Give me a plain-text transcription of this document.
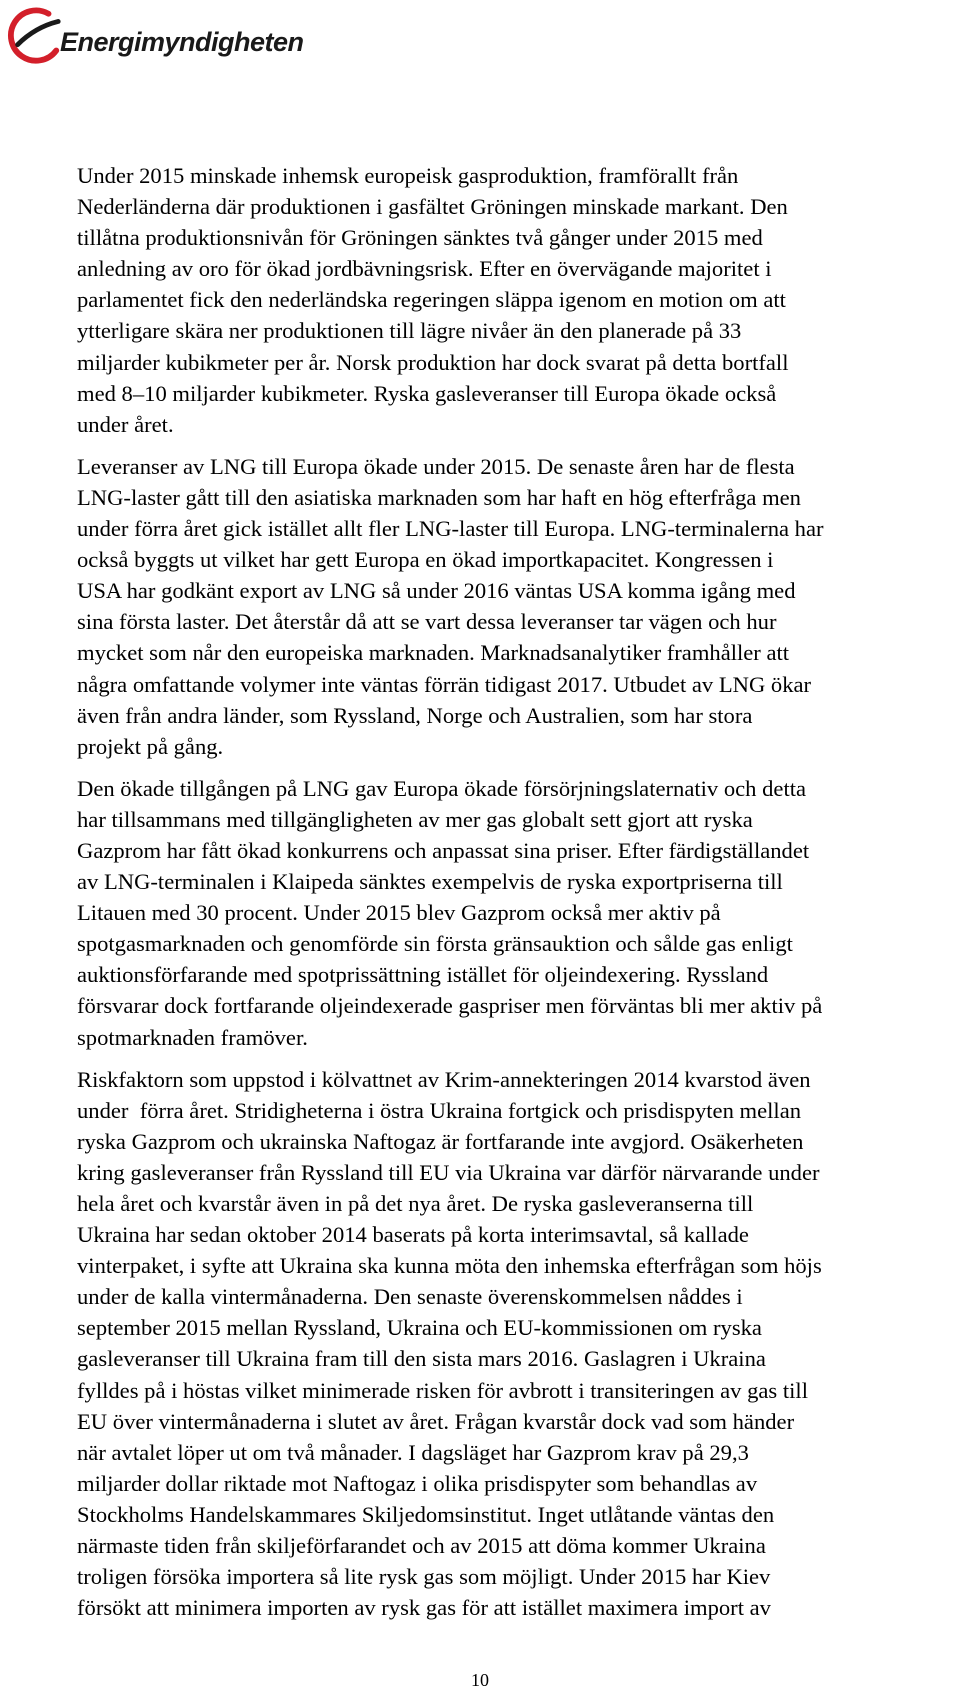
Energimyndigheten

Under 2015 minskade inhemsk europeisk gasproduktion, framförallt från
Nederländerna där produktionen i gasfältet Gröningen minskade markant. Den
tillåtna produktionsnivån för Gröningen sänktes två gånger under 2015 med
anledning av oro för ökad jordbävningsrisk. Efter en övervägande majoritet i
parlamentet fick den nederländska regeringen släppa igenom en motion om att
ytterligare skära ner produktionen till lägre nivåer än den planerade på 33
miljarder kubikmeter per år. Norsk produktion har dock svarat på detta bortfall
med 8–10 miljarder kubikmeter. Ryska gasleveranser till Europa ökade också
under året.

Leveranser av LNG till Europa ökade under 2015. De senaste åren har de flesta
LNG-laster gått till den asiatiska marknaden som har haft en hög efterfråga men
under förra året gick istället allt fler LNG-laster till Europa. LNG-terminalerna har
också byggts ut vilket har gett Europa en ökad importkapacitet. Kongressen i
USA har godkänt export av LNG så under 2016 väntas USA komma igång med
sina första laster. Det återstår då att se vart dessa leveranser tar vägen och hur
mycket som når den europeiska marknaden. Marknadsanalytiker framhåller att
några omfattande volymer inte väntas förrän tidigast 2017. Utbudet av LNG ökar
även från andra länder, som Ryssland, Norge och Australien, som har stora
projekt på gång.

Den ökade tillgången på LNG gav Europa ökade försörjningslaternativ och detta
har tillsammans med tillgängligheten av mer gas globalt sett gjort att ryska
Gazprom har fått ökad konkurrens och anpassat sina priser. Efter färdigställandet
av LNG-terminalen i Klaipeda sänktes exempelvis de ryska exportpriserna till
Litauen med 30 procent. Under 2015 blev Gazprom också mer aktiv på
spotgasmarknaden och genomförde sin första gränsauktion och sålde gas enligt
auktionsförfarande med spotprissättning istället för oljeindexering. Ryssland
försvarar dock fortfarande oljeindexerade gaspriser men förväntas bli mer aktiv på
spotmarknaden framöver.

Riskfaktorn som uppstod i kölvattnet av Krim-annekteringen 2014 kvarstod även
under  förra året. Stridigheterna i östra Ukraina fortgick och prisdispyten mellan
ryska Gazprom och ukrainska Naftogaz är fortfarande inte avgjord. Osäkerheten
kring gasleveranser från Ryssland till EU via Ukraina var därför närvarande under
hela året och kvarstår även in på det nya året. De ryska gasleveranserna till
Ukraina har sedan oktober 2014 baserats på korta interimsavtal, så kallade
vinterpaket, i syfte att Ukraina ska kunna möta den inhemska efterfrågan som höjs
under de kalla vintermånaderna. Den senaste överenskommelsen nåddes i
september 2015 mellan Ryssland, Ukraina och EU-kommissionen om ryska
gasleveranser till Ukraina fram till den sista mars 2016. Gaslagren i Ukraina
fylldes på i höstas vilket minimerade risken för avbrott i transiteringen av gas till
EU över vintermånaderna i slutet av året. Frågan kvarstår dock vad som händer
när avtalet löper ut om två månader. I dagsläget har Gazprom krav på 29,3
miljarder dollar riktade mot Naftogaz i olika prisdispyter som behandlas av
Stockholms Handelskammares Skiljedomsinstitut. Inget utlåtande väntas den
närmaste tiden från skiljeförfarandet och av 2015 att döma kommer Ukraina
troligen försöka importera så lite rysk gas som möjligt. Under 2015 har Kiev
försökt att minimera importen av rysk gas för att istället maximera import av

10
